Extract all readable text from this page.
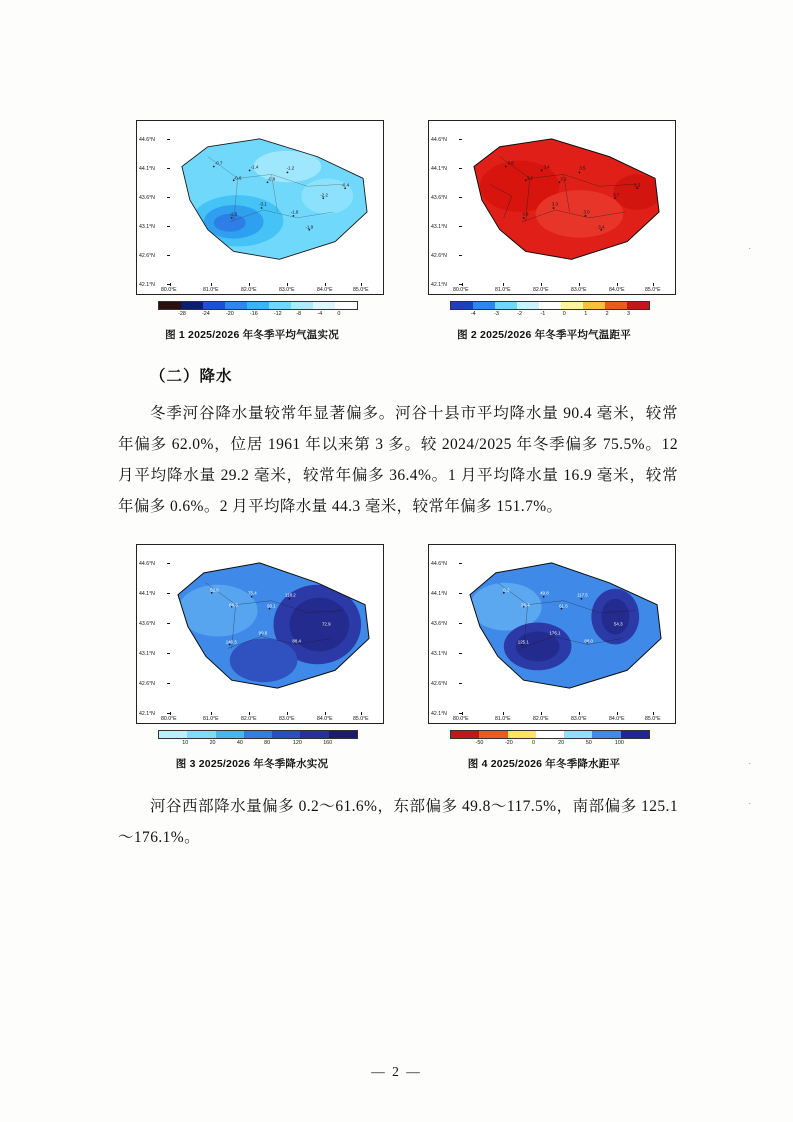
44.6°N
44.1°N
43.6°N
43.1°N
42.6°N
42.1°N
80.0°E	81.0°E	82.0°E	83.0°E	84.0°E	85.0°E
-0.7
-0.6
-1.4
-0.9
-1.2
-2.5
-3.1
-1.6
-2.2
-1.9
-0.4
-28	-24	-20	-16	-12	-8	-4	0
图 1 2025/2026 年冬季平均气温实况
44.6°N
44.1°N
43.6°N
43.1°N
42.6°N
42.1°N
80.0°E	81.0°E	82.0°E	83.0°E	84.0°E	85.0°E
3.6
3.2
3.4
3.1
3.5
3.8
3.3
3.0
3.7
3.4
3.2
-4	-3	-2	-1	0	1	2	3
图 2 2025/2026 年冬季平均气温距平
（二）降水

冬季河谷降水量较常年显著偏多。河谷十县市平均降水量 90.4 毫米，较常年偏多 62.0%，位居 1961 年以来第 3 多。较 2024/2025 年冬季偏多 75.5%。12 月平均降水量 29.2 毫米，较常年偏多 36.4%。1 月平均降水量 16.9 毫米，较常年偏多 0.6%。2 月平均降水量 44.3 毫米，较常年偏多 151.7%。

44.6°N
44.1°N
43.6°N
43.1°N
42.6°N
42.1°N
80.0°E	81.0°E	82.0°E	83.0°E	84.0°E	85.0°E
52.6
66.3
75.4
93.1
118.2
140.5
99.8
88.4
72.9
10	20	40	80	120	160
图 3 2025/2026 年冬季降水实况
44.6°N
44.1°N
43.6°N
43.1°N
42.6°N
42.1°N
80.0°E	81.0°E	82.0°E	83.0°E	84.0°E	85.0°E
0.2
26.4
49.8
61.6
117.5
125.1
176.1
88.0
54.3
-50	-20	0	20	50	100
图 4 2025/2026 年冬季降水距平

河谷西部降水量偏多 0.2～61.6%，东部偏多 49.8～117.5%，南部偏多 125.1～176.1%。

·
·
·
— 2 —
